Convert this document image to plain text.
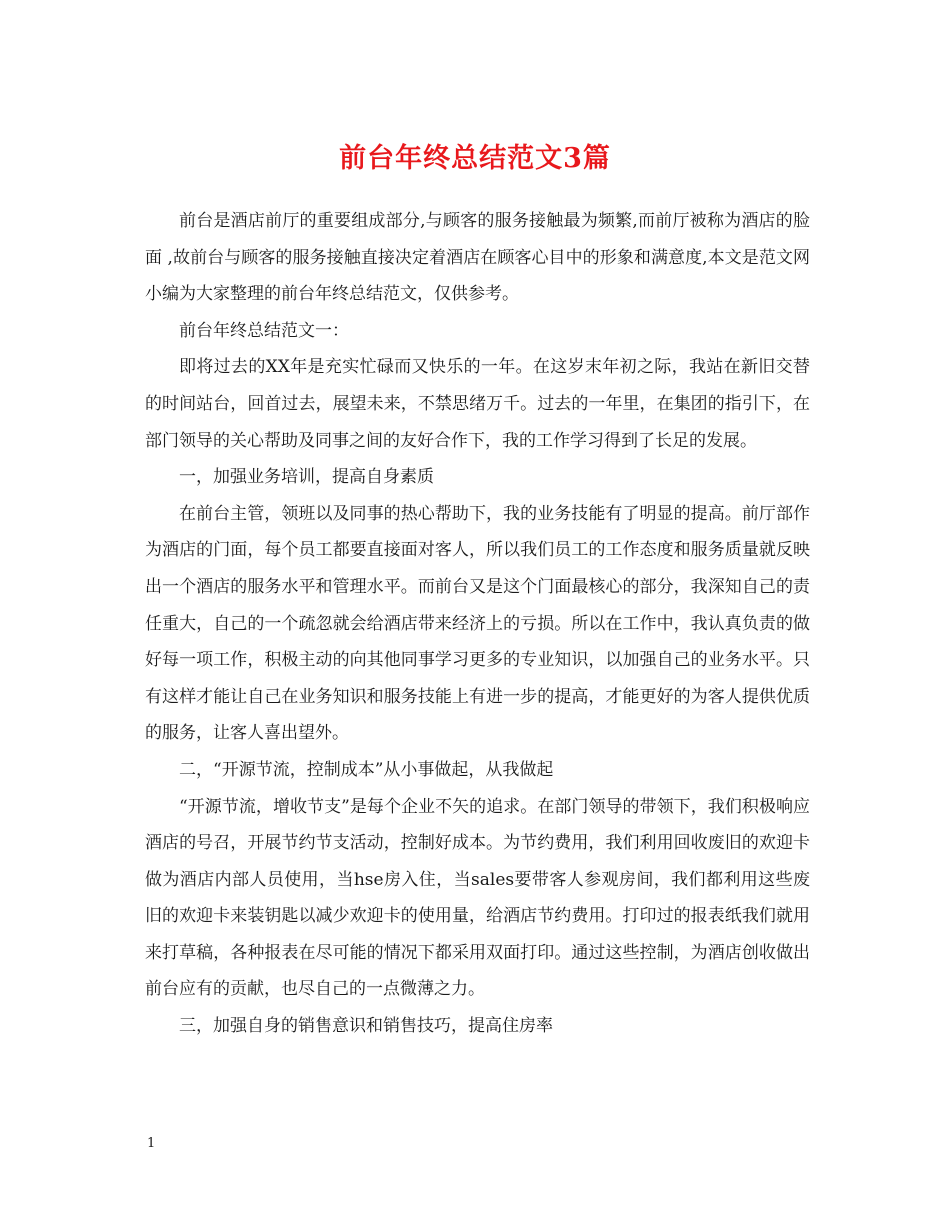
前台年终总结范文3篇

前台是酒店前厅的重要组成部分,与顾客的服务接触最为频繁,而前厅被称为酒店的脸面 ,故前台与顾客的服务接触直接决定着酒店在顾客心目中的形象和满意度,本文是范文网小编为大家整理的前台年终总结范文，仅供参考。

前台年终总结范文一：

即将过去的XX年是充实忙碌而又快乐的一年。在这岁末年初之际，我站在新旧交替的时间站台，回首过去，展望未来，不禁思绪万千。过去的一年里，在集团的指引下，在部门领导的关心帮助及同事之间的友好合作下，我的工作学习得到了长足的发展。

一，加强业务培训，提高自身素质

在前台主管，领班以及同事的热心帮助下，我的业务技能有了明显的提高。前厅部作为酒店的门面，每个员工都要直接面对客人，所以我们员工的工作态度和服务质量就反映出一个酒店的服务水平和管理水平。而前台又是这个门面最核心的部分，我深知自己的责任重大，自己的一个疏忽就会给酒店带来经济上的亏损。所以在工作中，我认真负责的做好每一项工作，积极主动的向其他同事学习更多的专业知识，以加强自己的业务水平。只有这样才能让自己在业务知识和服务技能上有进一步的提高，才能更好的为客人提供优质的服务，让客人喜出望外。

二，“开源节流，控制成本”从小事做起，从我做起

“开源节流，增收节支”是每个企业不矢的追求。在部门领导的带领下，我们积极响应酒店的号召，开展节约节支活动，控制好成本。为节约费用，我们利用回收废旧的欢迎卡做为酒店内部人员使用，当hse房入住，当sales要带客人参观房间，我们都利用这些废旧的欢迎卡来装钥匙以减少欢迎卡的使用量，给酒店节约费用。打印过的报表纸我们就用来打草稿，各种报表在尽可能的情况下都采用双面打印。通过这些控制，为酒店创收做出前台应有的贡献，也尽自己的一点微薄之力。

三，加强自身的销售意识和销售技巧，提高住房率

1
